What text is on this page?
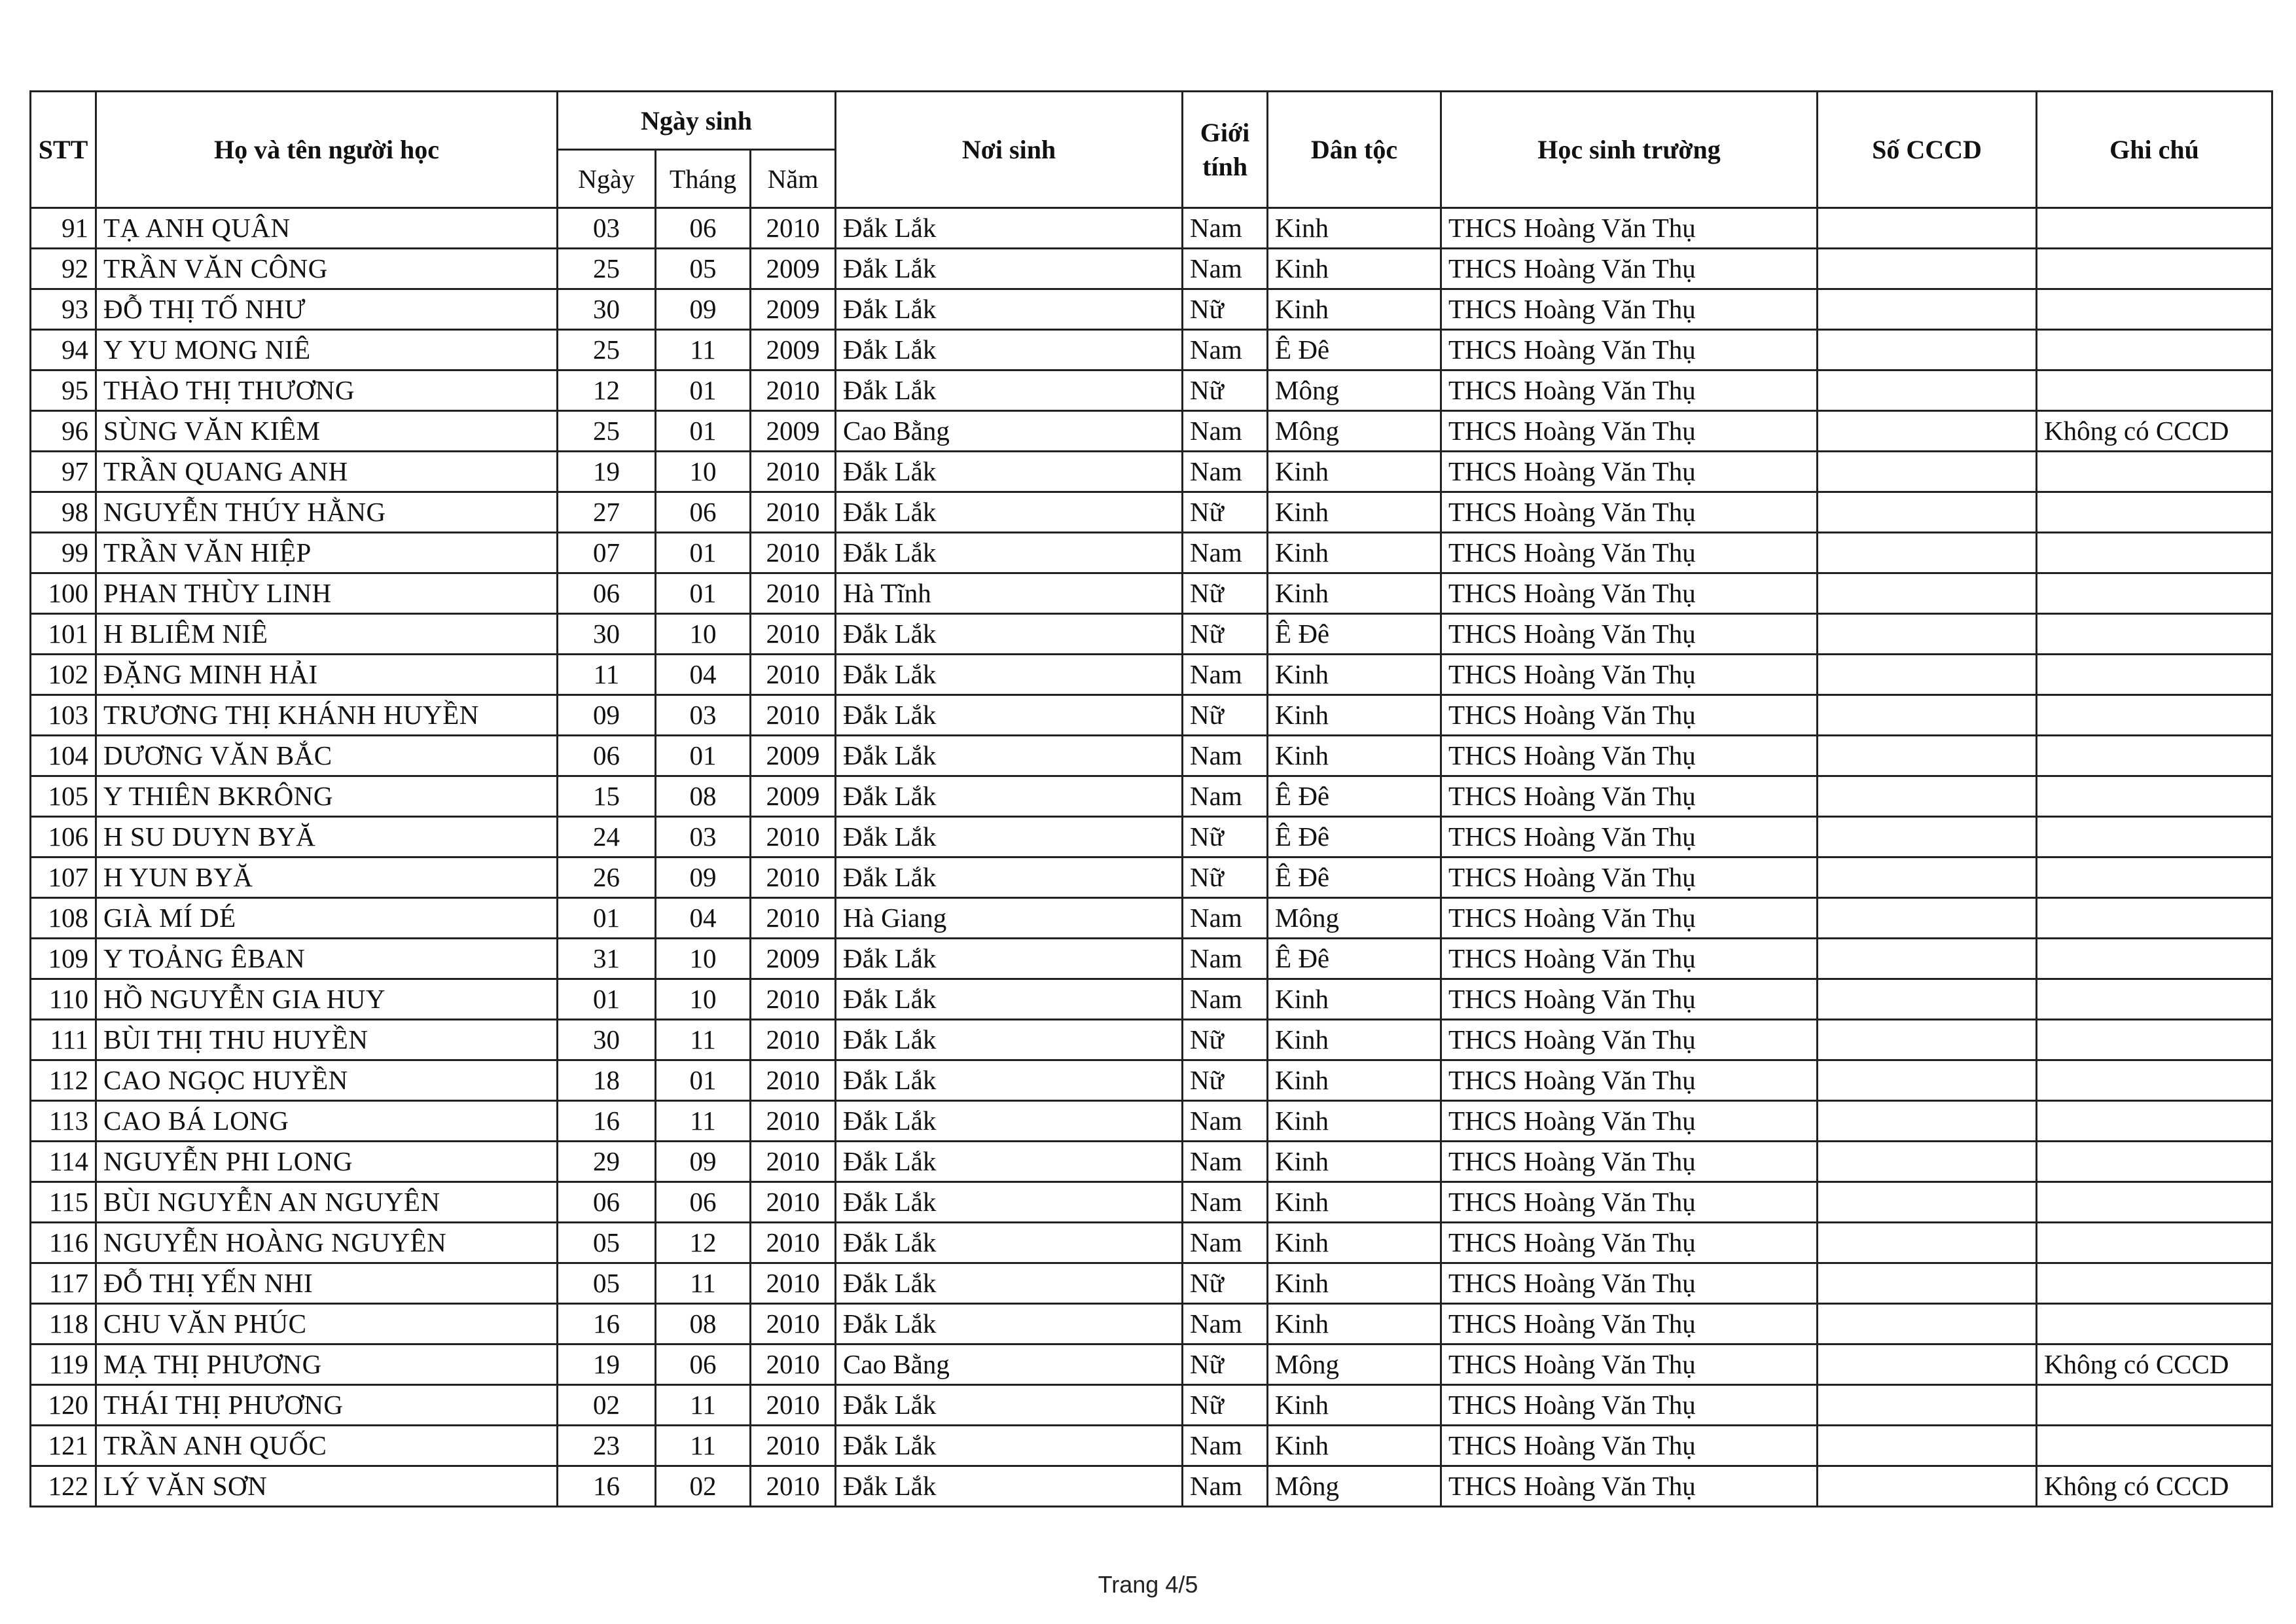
STT	Họ và tên người học	Ngày sinh			Nơi sinh	Giới tính	Dân tộc	Học sinh trường	Số CCCD	Ghi chú
		Ngày	Tháng	Năm						
91	TẠ ANH QUÂN	03	06	2010	Đắk Lắk	Nam	Kinh	THCS Hoàng Văn Thụ		
92	TRẦN VĂN CÔNG	25	05	2009	Đắk Lắk	Nam	Kinh	THCS Hoàng Văn Thụ		
93	ĐỖ THỊ TỐ NHƯ	30	09	2009	Đắk Lắk	Nữ	Kinh	THCS Hoàng Văn Thụ		
94	Y YU MONG NIÊ	25	11	2009	Đắk Lắk	Nam	Ê Đê	THCS Hoàng Văn Thụ		
95	THÀO THỊ THƯƠNG	12	01	2010	Đắk Lắk	Nữ	Mông	THCS Hoàng Văn Thụ		
96	SÙNG VĂN KIÊM	25	01	2009	Cao Bằng	Nam	Mông	THCS Hoàng Văn Thụ		Không có CCCD
97	TRẦN QUANG ANH	19	10	2010	Đắk Lắk	Nam	Kinh	THCS Hoàng Văn Thụ		
98	NGUYỄN THÚY HẰNG	27	06	2010	Đắk Lắk	Nữ	Kinh	THCS Hoàng Văn Thụ		
99	TRẦN VĂN HIỆP	07	01	2010	Đắk Lắk	Nam	Kinh	THCS Hoàng Văn Thụ		
100	PHAN THÙY LINH	06	01	2010	Hà Tĩnh	Nữ	Kinh	THCS Hoàng Văn Thụ		
101	H BLIÊM NIÊ	30	10	2010	Đắk Lắk	Nữ	Ê Đê	THCS Hoàng Văn Thụ		
102	ĐẶNG MINH HẢI	11	04	2010	Đắk Lắk	Nam	Kinh	THCS Hoàng Văn Thụ		
103	TRƯƠNG THỊ KHÁNH HUYỀN	09	03	2010	Đắk Lắk	Nữ	Kinh	THCS Hoàng Văn Thụ		
104	DƯƠNG VĂN BẮC	06	01	2009	Đắk Lắk	Nam	Kinh	THCS Hoàng Văn Thụ		
105	Y THIÊN BKRÔNG	15	08	2009	Đắk Lắk	Nam	Ê Đê	THCS Hoàng Văn Thụ		
106	H SU DUYN BYĂ	24	03	2010	Đắk Lắk	Nữ	Ê Đê	THCS Hoàng Văn Thụ		
107	H YUN BYĂ	26	09	2010	Đắk Lắk	Nữ	Ê Đê	THCS Hoàng Văn Thụ		
108	GIÀ MÍ DÉ	01	04	2010	Hà Giang	Nam	Mông	THCS Hoàng Văn Thụ		
109	Y TOẢNG ÊBAN	31	10	2009	Đắk Lắk	Nam	Ê Đê	THCS Hoàng Văn Thụ		
110	HỒ NGUYỄN GIA HUY	01	10	2010	Đắk Lắk	Nam	Kinh	THCS Hoàng Văn Thụ		
111	BÙI THỊ THU HUYỀN	30	11	2010	Đắk Lắk	Nữ	Kinh	THCS Hoàng Văn Thụ		
112	CAO NGỌC HUYỀN	18	01	2010	Đắk Lắk	Nữ	Kinh	THCS Hoàng Văn Thụ		
113	CAO BÁ LONG	16	11	2010	Đắk Lắk	Nam	Kinh	THCS Hoàng Văn Thụ		
114	NGUYỄN PHI LONG	29	09	2010	Đắk Lắk	Nam	Kinh	THCS Hoàng Văn Thụ		
115	BÙI NGUYỄN AN NGUYÊN	06	06	2010	Đắk Lắk	Nam	Kinh	THCS Hoàng Văn Thụ		
116	NGUYỄN HOÀNG NGUYÊN	05	12	2010	Đắk Lắk	Nam	Kinh	THCS Hoàng Văn Thụ		
117	ĐỖ THỊ YẾN NHI	05	11	2010	Đắk Lắk	Nữ	Kinh	THCS Hoàng Văn Thụ		
118	CHU VĂN PHÚC	16	08	2010	Đắk Lắk	Nam	Kinh	THCS Hoàng Văn Thụ		
119	MẠ THỊ PHƯƠNG	19	06	2010	Cao Bằng	Nữ	Mông	THCS Hoàng Văn Thụ		Không có CCCD
120	THÁI THỊ PHƯƠNG	02	11	2010	Đắk Lắk	Nữ	Kinh	THCS Hoàng Văn Thụ		
121	TRẦN ANH QUỐC	23	11	2010	Đắk Lắk	Nam	Kinh	THCS Hoàng Văn Thụ		
122	LÝ VĂN SƠN	16	02	2010	Đắk Lắk	Nam	Mông	THCS Hoàng Văn Thụ		Không có CCCD
Trang 4/5
